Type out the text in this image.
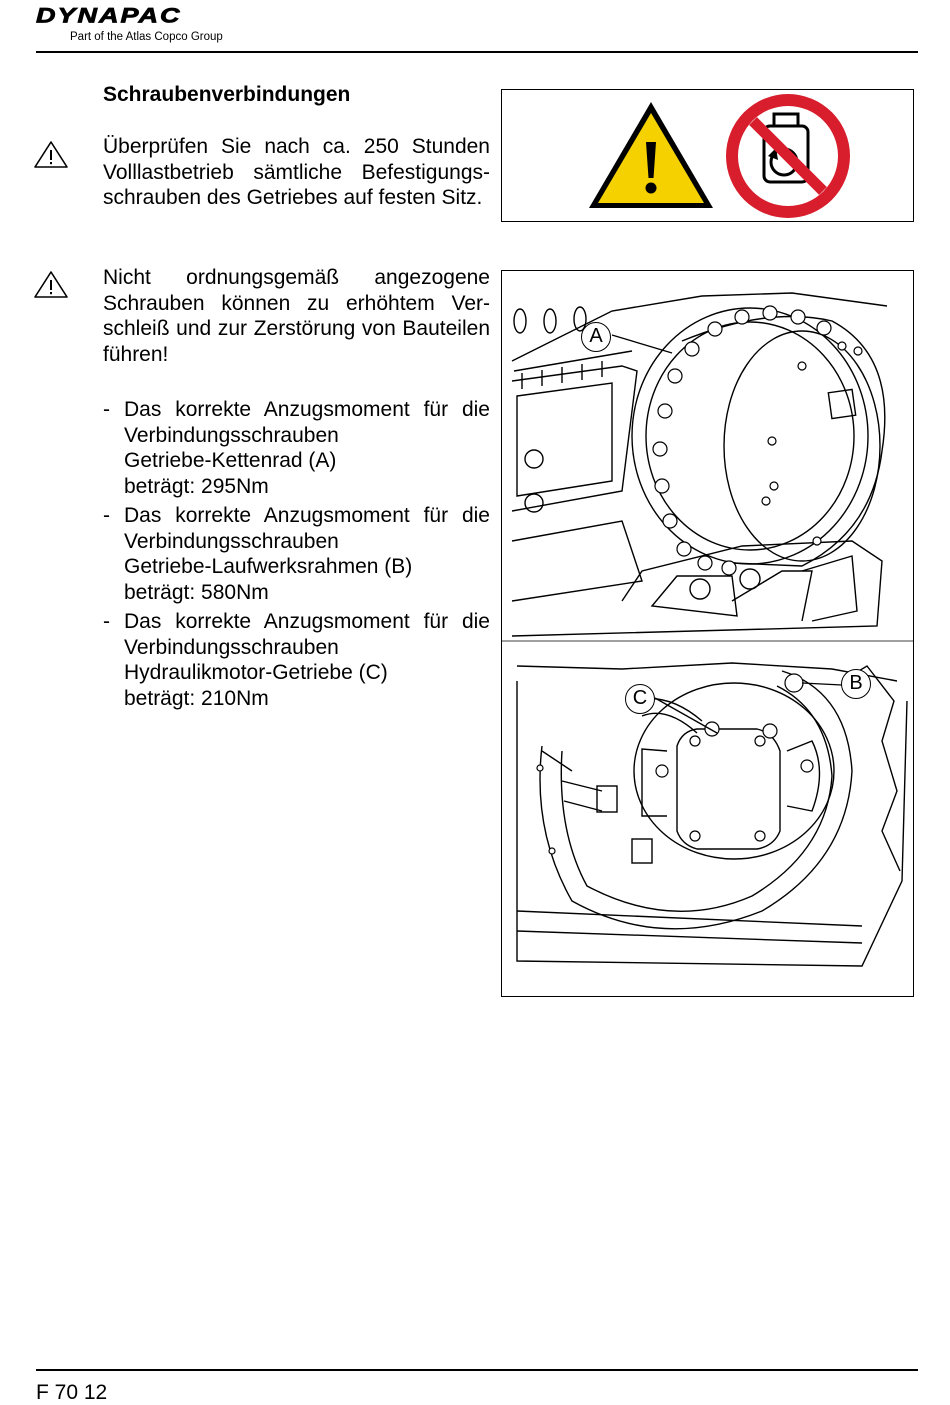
DYNAPAC
Part of the Atlas Copco Group
Schraubenverbindungen
Überprüfen Sie nach ca. 250 Stunden Volllastbetrieb sämtliche Befestigungsschrauben des Getriebes auf festen Sitz.
Nicht ordnungsgemäß angezogene Schrauben können zu erhöhtem Verschleiß und zur Zerstörung von Bauteilen führen!
- Das korrekte Anzugsmoment für die
Verbindungsschrauben
Getriebe-Kettenrad (A)
beträgt: 295Nm
- Das korrekte Anzugsmoment für die
Verbindungsschrauben
Getriebe-Laufwerksrahmen (B)
beträgt: 580Nm
- Das korrekte Anzugsmoment für die
Verbindungsschrauben
Hydraulikmotor-Getriebe (C)
beträgt: 210Nm
A
B
C
F 70 12
